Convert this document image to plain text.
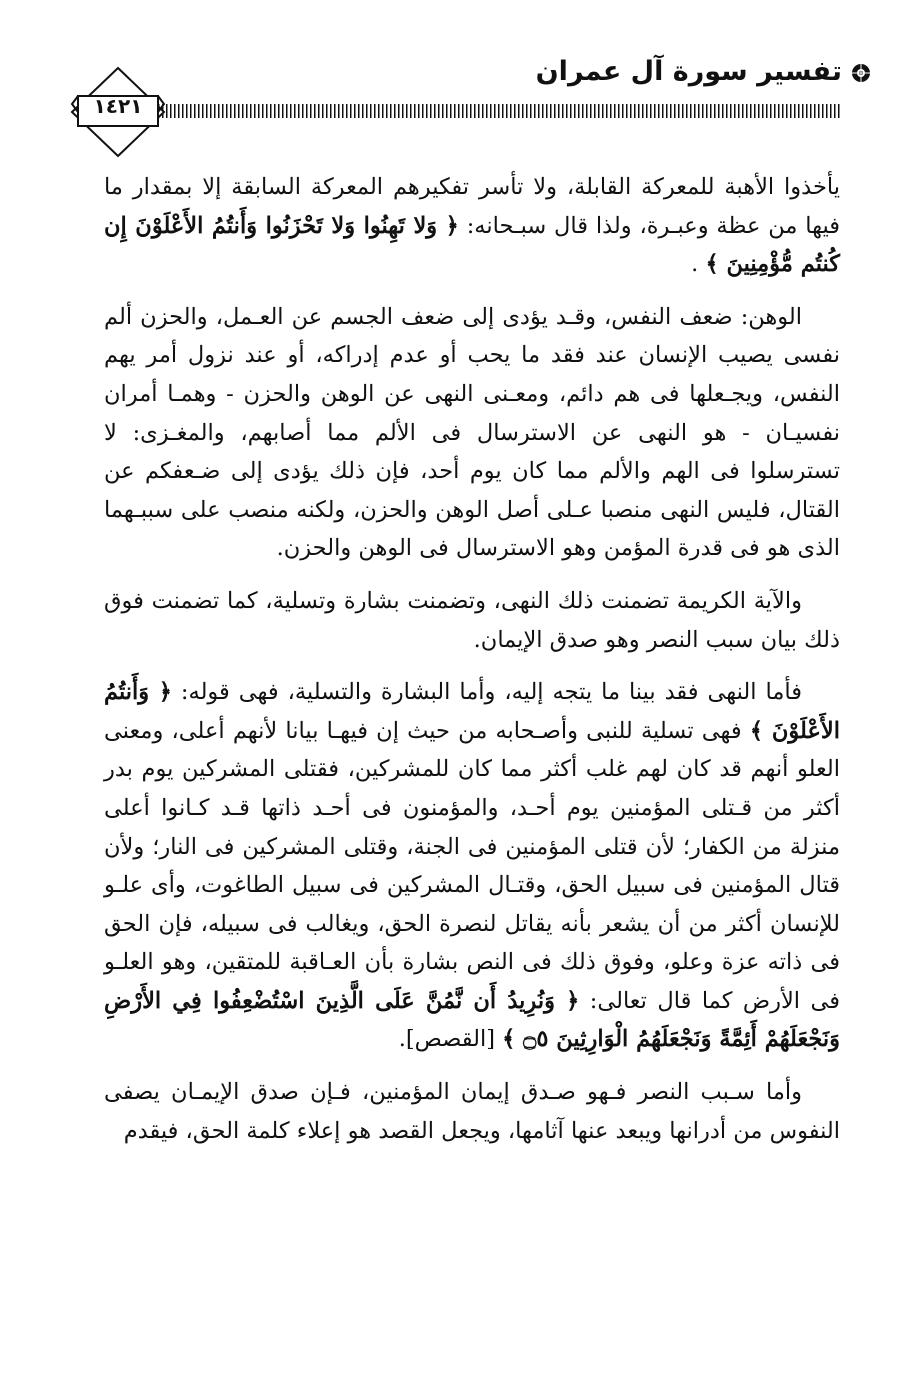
تفسير سورة آل عمران
١٤٢١

يأخذوا الأهبة للمعركة القابلة، ولا تأسر تفكيرهم المعركة السابقة إلا بمقدار ما فيها من عظة وعبـرة، ولذا قال سبـحانه: ﴿ وَلا تَهِنُوا وَلا تَحْزَنُوا وَأَنتُمُ الأَعْلَوْنَ إِن كُنتُم مُّؤْمِنِينَ ﴾ .

الوهن: ضعف النفس، وقـد يؤدى إلى ضعف الجسم عن العـمل، والحزن ألم نفسى يصيب الإنسان عند فقد ما يحب أو عدم إدراكه، أو عند نزول أمر يهم النفس، ويجـعلها فى هم دائم، ومعـنى النهى عن الوهن والحزن - وهمـا أمران نفسيـان - هو النهى عن الاسترسال فى الألم مما أصابهم، والمغـزى: لا تسترسلوا فى الهم والألم مما كان يوم أحد، فإن ذلك يؤدى إلى ضـعفكم عن القتال، فليس النهى منصبا عـلى أصل الوهن والحزن، ولكنه منصب على سببـهما الذى هو فى قدرة المؤمن وهو الاسترسال فى الوهن والحزن.

والآية الكريمة تضمنت ذلك النهى، وتضمنت بشارة وتسلية، كما تضمنت فوق ذلك بيان سبب النصر وهو صدق الإيمان.

فأما النهى فقد بينا ما يتجه إليه، وأما البشارة والتسلية، فهى قوله: ﴿ وَأَنتُمُ الأَعْلَوْنَ ﴾ فهى تسلية للنبى وأصـحابه من حيث إن فيهـا بيانا لأنهم أعلى، ومعنى العلو أنهم قد كان لهم غلب أكثر مما كان للمشركين، فقتلى المشركين يوم بدر أكثر من قـتلى المؤمنين يوم أحـد، والمؤمنون فى أحـد ذاتها قـد كـانوا أعلى منزلة من الكفار؛ لأن قتلى المؤمنين فى الجنة، وقتلى المشركين فى النار؛ ولأن قتال المؤمنين فى سبيل الحق، وقتـال المشركين فى سبيل الطاغوت، وأى علـو للإنسان أكثر من أن يشعر بأنه يقاتل لنصرة الحق، ويغالب فى سبيله، فإن الحق فى ذاته عزة وعلو، وفوق ذلك فى النص بشارة بأن العـاقبة للمتقين، وهو العلـو فى الأرض كما قال تعالى: ﴿ وَنُرِيدُ أَن نَّمُنَّ عَلَى الَّذِينَ اسْتُضْعِفُوا فِي الأَرْضِ وَنَجْعَلَهُمْ أَئِمَّةً وَنَجْعَلَهُمُ الْوَارِثِينَ ۝٥ ﴾ [القصص].

وأما سـبب النصر فـهو صـدق إيمان المؤمنين، فـإن صدق الإيمـان يصفى النفوس من أدرانها ويبعد عنها آثامها، ويجعل القصد هو إعلاء كلمة الحق، فيقدم
